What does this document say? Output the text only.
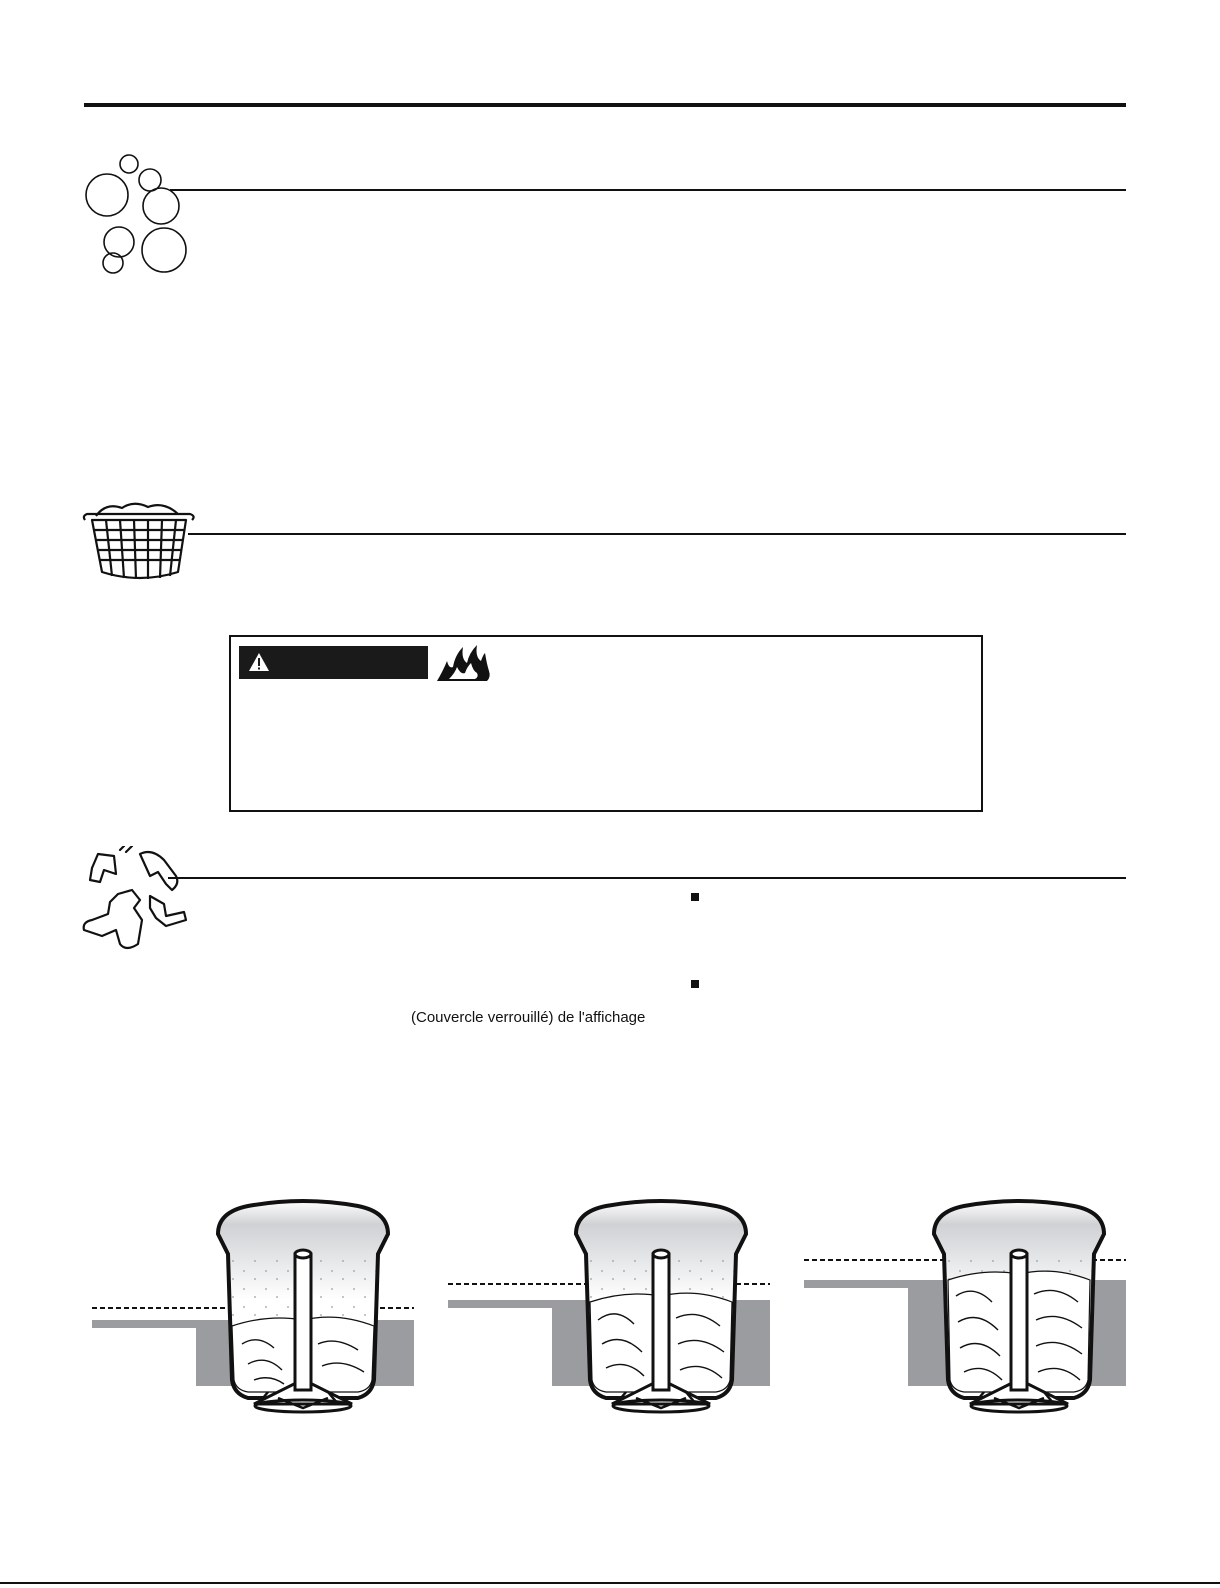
(Couvercle verrouillé) de l'affichage
